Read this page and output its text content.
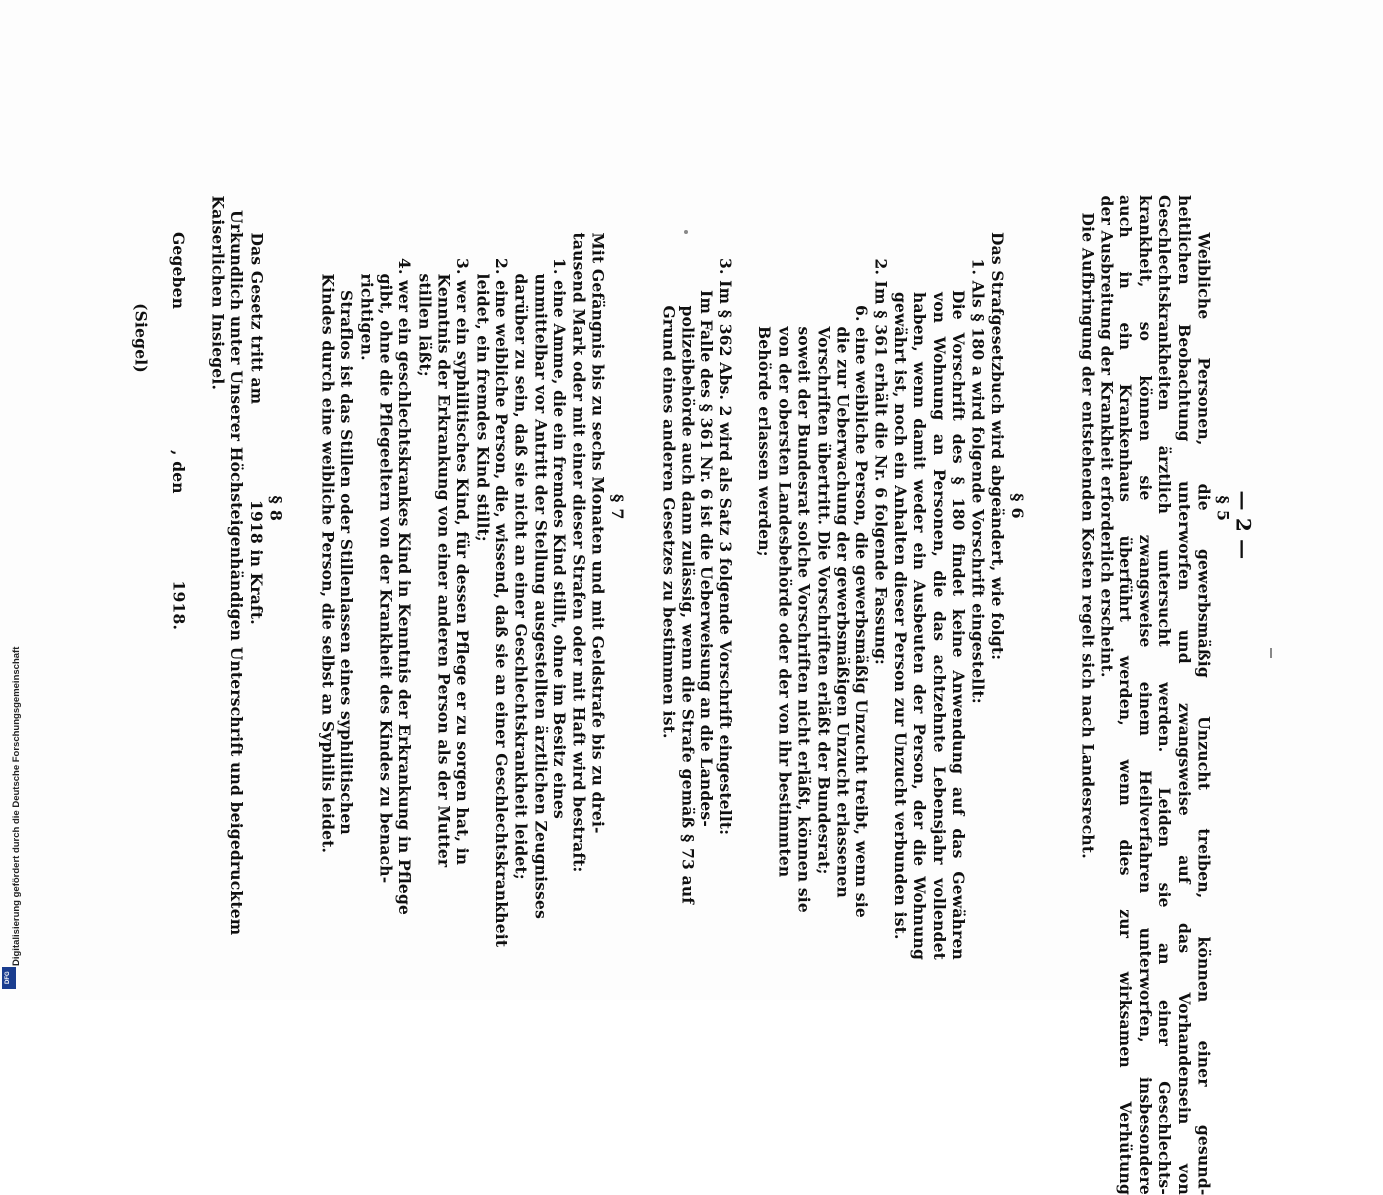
DFG
Digitalisierung gefördert durch die Deutsche Forschungsgemeinschaft
— 2 —
§ 5
Weibliche Personen, die gewerbsmäßig Unzucht treiben, können einer gesund-
heitlichen Beobachtung unterworfen und zwangsweise auf das Vorhandensein von
Geschlechtskrankheiten ärztlich untersucht werden. Leiden sie an einer Geschlechts-
krankheit, so können sie zwangsweise einem Heilverfahren unterworfen, insbesondere
auch in ein Krankenhaus überführt werden, wenn dies zur wirksamen Verhütung
der Ausbreitung der Krankheit erforderlich erscheint.
Die Aufbringung der entstehenden Kosten regelt sich nach Landesrecht.
§ 6
Das Strafgesetzbuch wird abgeändert, wie folgt:
1. Als § 180 a wird folgende Vorschrift eingestellt:
Die Vorschrift des § 180 findet keine Anwendung auf das Gewähren
von Wohnung an Personen, die das achtzehnte Lebensjahr vollendet
haben, wenn damit weder ein Ausbeuten der Person, der die Wohnung
gewährt ist, noch ein Anhalten dieser Person zur Unzucht verbunden ist.
2. Im § 361 erhält die Nr. 6 folgende Fassung:
6. eine weibliche Person, die gewerbsmäßig Unzucht treibt, wenn sie
die zur Ueberwachung der gewerbsmäßigen Unzucht erlassenen
Vorschriften übertritt. Die Vorschriften erläßt der Bundesrat;
soweit der Bundesrat solche Vorschriften nicht erläßt, können sie
von der obersten Landesbehörde oder der von ihr bestimmten
Behörde erlassen werden;
3. Im § 362 Abs. 2 wird als Satz 3 folgende Vorschrift eingestellt:
Im Falle des § 361 Nr. 6 ist die Ueberweisung an die Landes-
polizeibehörde auch dann zulässig, wenn die Strafe gemäß § 73 auf
Grund eines anderen Gesetzes zu bestimmen ist.
§ 7
Mit Gefängnis bis zu sechs Monaten und mit Geldstrafe bis zu drei-
tausend Mark oder mit einer dieser Strafen oder mit Haft wird bestraft:
1. eine Amme, die ein fremdes Kind stillt, ohne im Besitz eines
unmittelbar vor Antritt der Stellung ausgestellten ärztlichen Zeugnisses
darüber zu sein, daß sie nicht an einer Geschlechtskrankheit leidet;
2. eine weibliche Person, die, wissend, daß sie an einer Geschlechtskrankheit
leidet, ein fremdes Kind stillt;
3. wer ein syphilitisches Kind, für dessen Pflege er zu sorgen hat, in
Kenntnis der Erkrankung von einer anderen Person als der Mutter
stillen läßt;
4. wer ein geschlechtskrankes Kind in Kenntnis der Erkrankung in Pflege
gibt, ohne die Pflegeeltern von der Krankheit des Kindes zu benach-
richtigen.
Straflos ist das Stillen oder Stillenlassen eines syphilitischen
Kindes durch eine weibliche Person, die selbst an Syphilis leidet.
§ 8
Das Gesetz tritt am
1918 in Kraft.
Urkundlich unter Unserer Höchsteigenhändigen Unterschrift und beigedrucktem
Kaiserlichen Insiegel.
Gegeben
, den
1918.
(Siegel)
